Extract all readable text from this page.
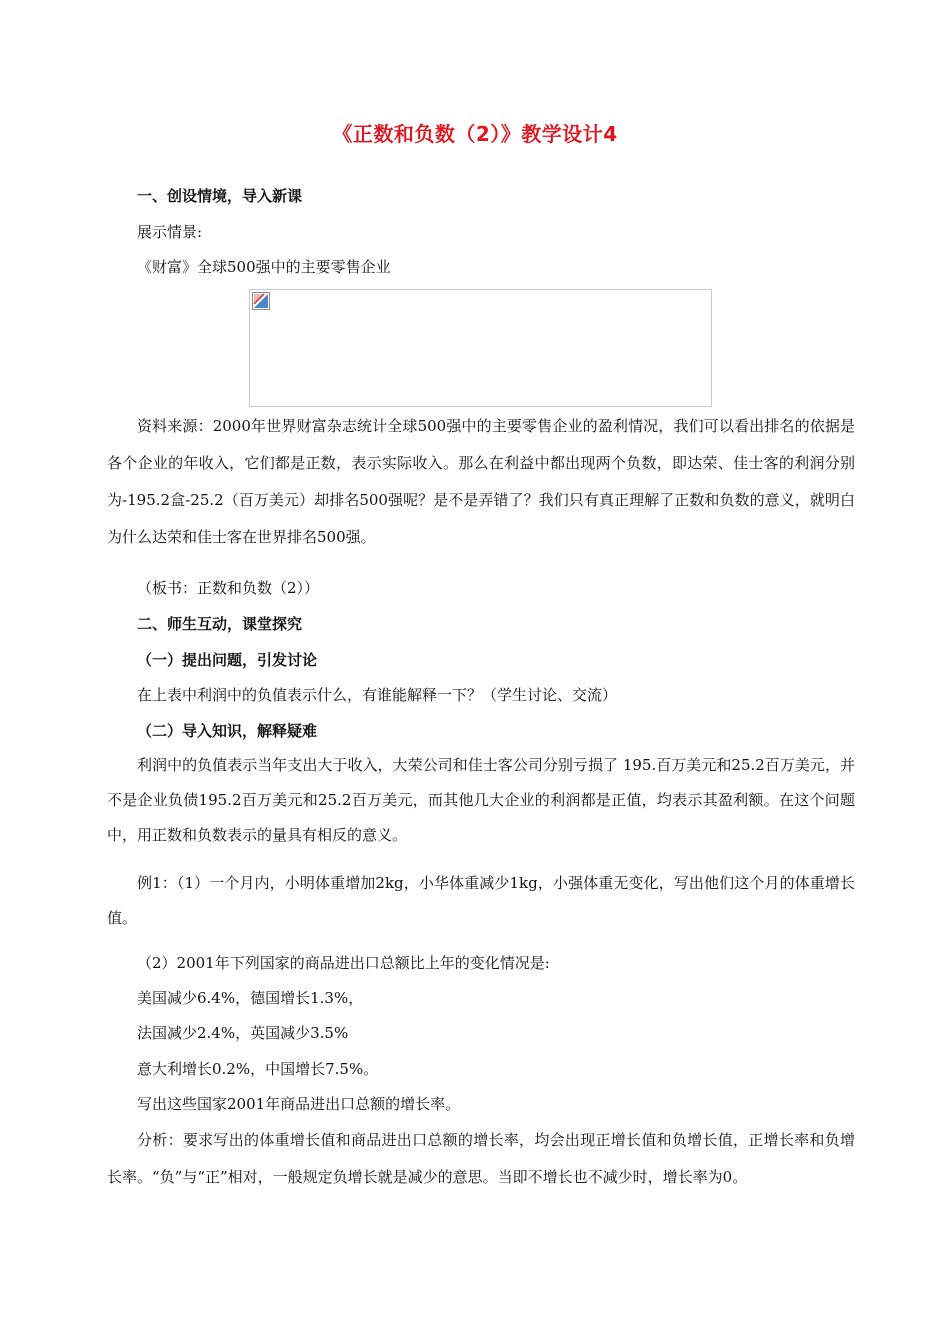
《正数和负数（2）》教学设计4
一、创设情境，导入新课
展示情景:
《财富》全球500强中的主要零售企业
资料来源：2000年世界财富杂志统计全球500强中的主要零售企业的盈利情况，我们可以看出排名的依据是各个企业的年收入，它们都是正数，表示实际收入。那么在利益中都出现两个负数，即达荣、佳士客的利润分别为-195.2盒-25.2（百万美元）却排名500强呢？是不是弄错了？我们只有真正理解了正数和负数的意义，就明白为什么达荣和佳士客在世界排名500强。
（板书：正数和负数（2））
二、师生互动，课堂探究
（一）提出问题，引发讨论
在上表中利润中的负值表示什么，有谁能解释一下？（学生讨论、交流）
（二）导入知识，解释疑难
利润中的负值表示当年支出大于收入，大荣公司和佳士客公司分别亏损了 195.百万美元和25.2百万美元，并不是企业负债195.2百万美元和25.2百万美元，而其他几大企业的利润都是正值，均表示其盈利额。在这个问题中，用正数和负数表示的量具有相反的意义。
例1：（1）一个月内，小明体重增加2kg，小华体重减少1kg，小强体重无变化，写出他们这个月的体重增长值。
（2）2001年下列国家的商品进出口总额比上年的变化情况是:
美国减少6.4%，德国增长1.3%，
法国减少2.4%，英国减少3.5%
意大利增长0.2%，中国增长7.5%。
写出这些国家2001年商品进出口总额的增长率。
分析：要求写出的体重增长值和商品进出口总额的增长率，均会出现正增长值和负增长值，正增长率和负增长率。“负”与“正”相对，一般规定负增长就是减少的意思。当即不增长也不减少时，增长率为0。
